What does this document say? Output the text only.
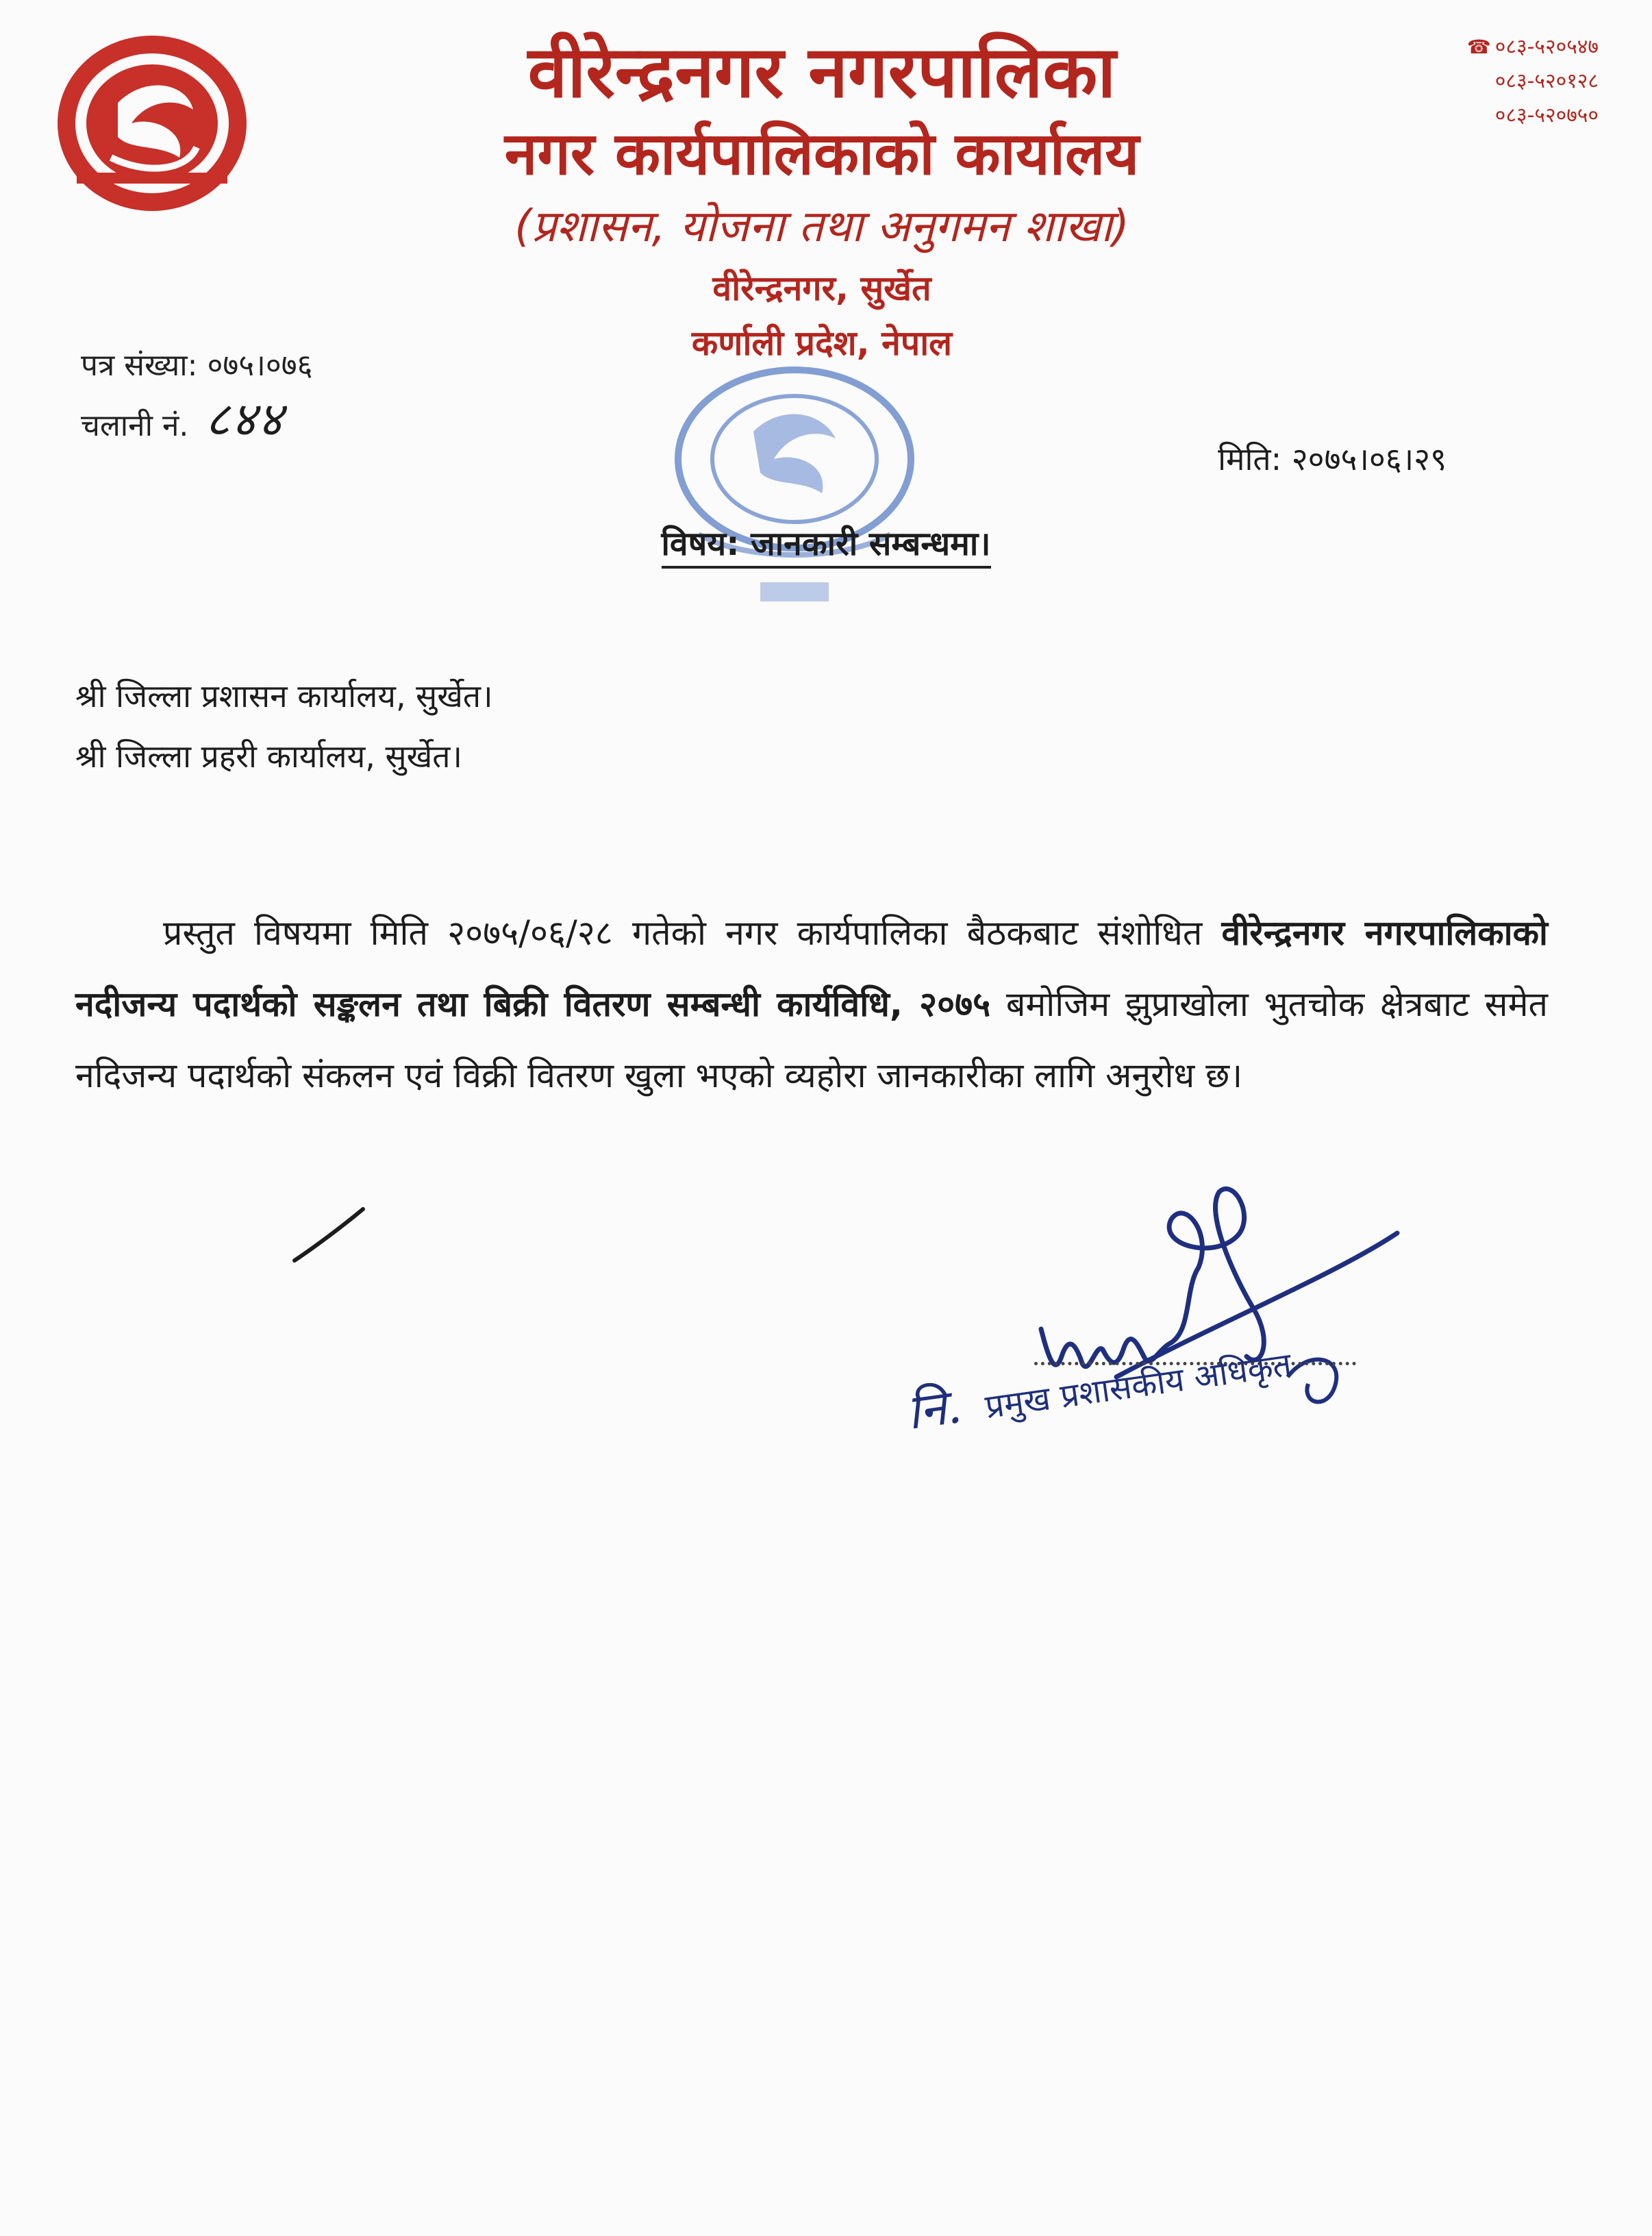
वीरेन्द्रनगर नगरपालिका
नगर कार्यपालिकाको कार्यालय
(प्रशासन, योजना तथा अनुगमन शाखा)
वीरेन्द्रनगर, सुर्खेत
कर्णाली प्रदेश, नेपाल
☎ ०८३-५२०५४७
०८३-५२०१२८
०८३-५२०७५०
पत्र संख्या: ०७५।०७६
चलानी नं. ८४४
मिति: २०७५।०६।२९
विषय: जानकारी सम्बन्धमा।
श्री जिल्ला प्रशासन कार्यालय, सुर्खेत।
श्री जिल्ला प्रहरी कार्यालय, सुर्खेत।
प्रस्तुत विषयमा मिति २०७५/०६/२८ गतेको नगर कार्यपालिका बैठकबाट संशोधित वीरेन्द्रनगर नगरपालिकाको नदीजन्य पदार्थको सङ्कलन तथा बिक्री वितरण सम्बन्धी कार्यविधि, २०७५ बमोजिम झुप्राखोला भुतचोक क्षेत्रबाट समेत नदिजन्य पदार्थको संकलन एवं विक्री वितरण खुला भएको व्यहोरा जानकारीका लागि अनुरोध छ।
नि. प्रमुख प्रशासकीय अधिकृत
